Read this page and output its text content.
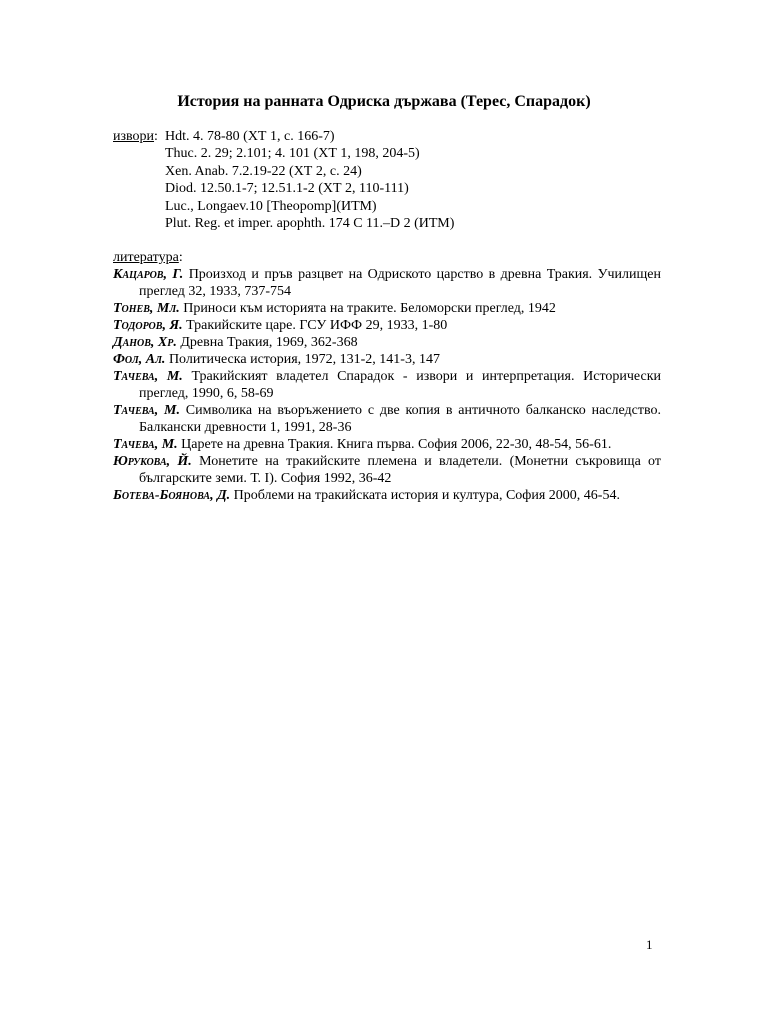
История на ранната Одриска държава (Терес, Спарадок)
извори: Hdt. 4. 78-80 (ХТ 1, с. 166-7)
Thuc. 2. 29; 2.101; 4. 101 (ХТ 1, 198, 204-5)
Xen. Anab. 7.2.19-22 (ХТ 2, с. 24)
Diod. 12.50.1-7; 12.51.1-2 (ХТ 2, 110-111)
Luc., Longaev.10 [Theopomp](ИТМ)
Plut. Reg. et imper. apophth. 174 C 11.–D 2 (ИТМ)
литература:
Кацаров, Г. Произход и пръв разцвет на Одриското царство в древна Тракия. Училищен преглед 32, 1933, 737-754
Тонев, Мл. Приноси към историята на траките. Беломорски преглед, 1942
Тодоров, Я. Тракийските царе. ГСУ ИФФ 29, 1933, 1-80
Данов, Хр. Древна Тракия, 1969, 362-368
Фол, Ал. Политическа история, 1972, 131-2, 141-3, 147
Тачева, М. Тракийският владетел Спарадок - извори и интерпретация. Исторически преглед, 1990, 6, 58-69
Тачева, М. Символика на въоръжението с две копия в античното балканско наследство. Балкански древности 1, 1991, 28-36
Тачева, М. Царете на древна Тракия. Книга първа. София 2006, 22-30, 48-54, 56-61.
Юрукова, Й. Монетите на тракийските племена и владетели. (Монетни съкровища от българските земи. Т. I). София 1992, 36-42
Ботева-Боянова, Д. Проблеми на тракийската история и култура, София 2000, 46-54.
1
